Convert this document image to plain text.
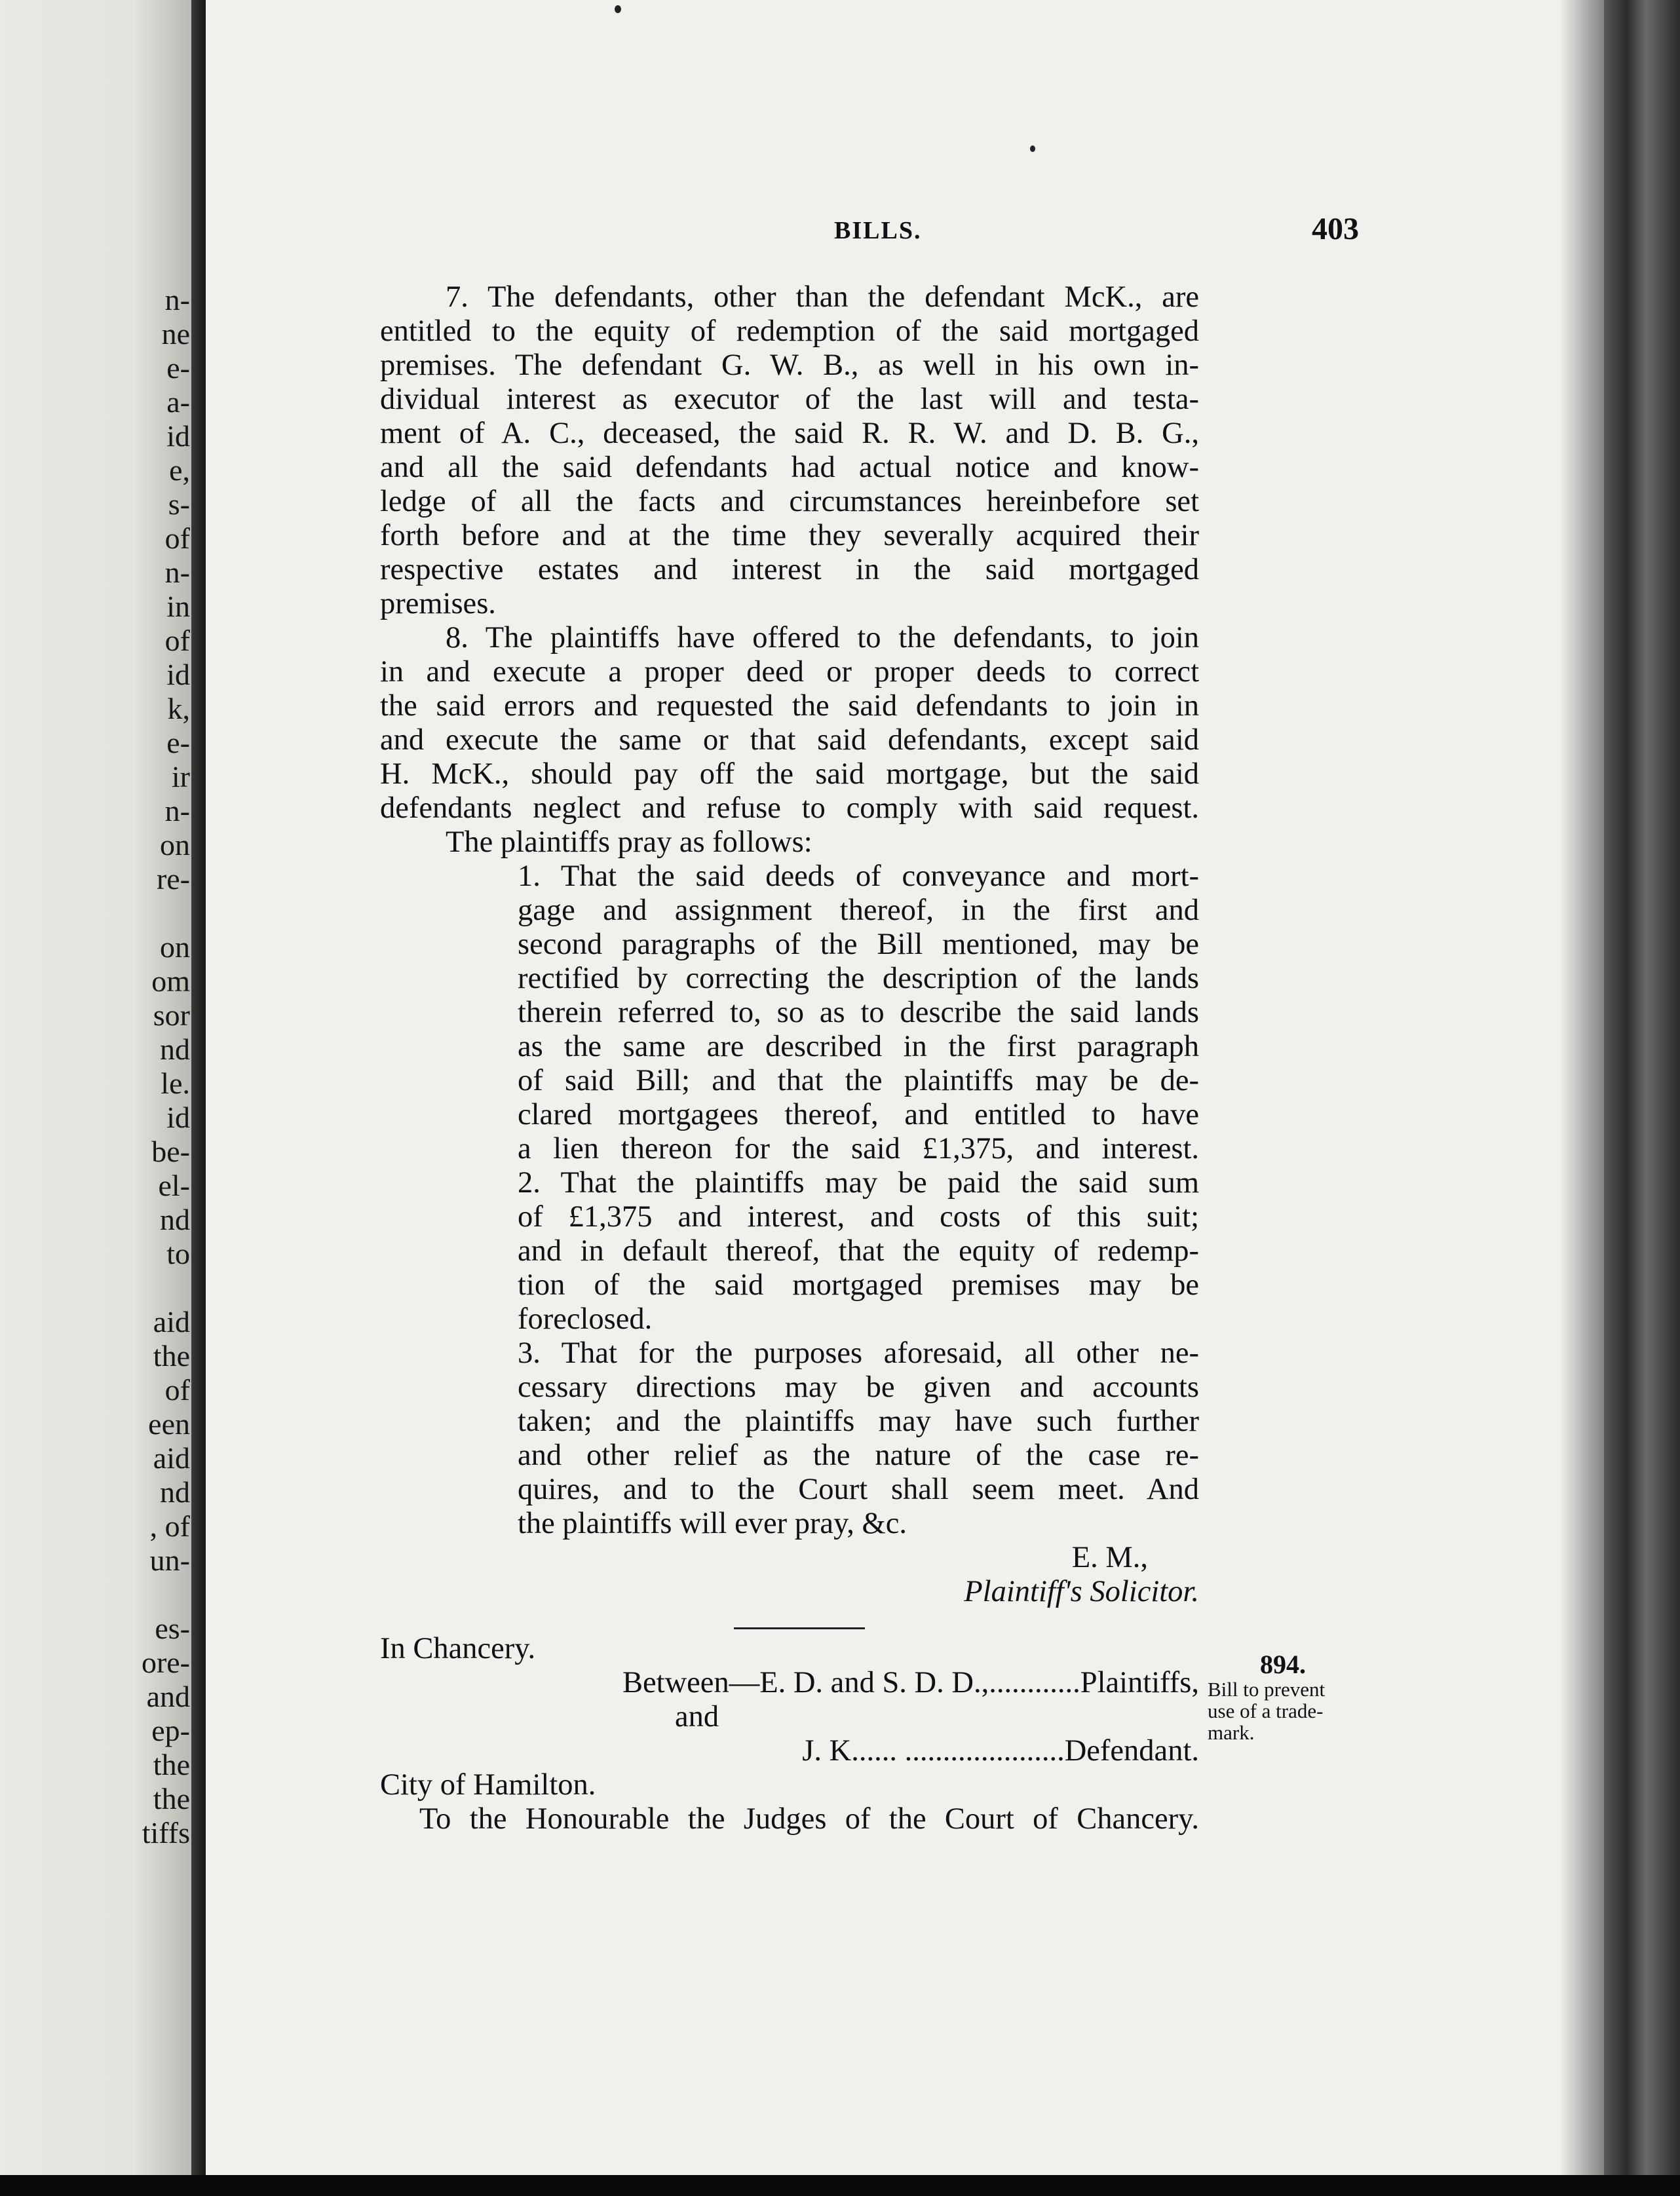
n-
ne
e-
a-
id
e,
s-
of
n-
in
of
id
k,
e-
ir
n-
on
re-
on
om
sor
nd
le.
id
be-
el-
nd
to
aid
the
of
een
aid
nd
, of
un-
es-
ore-
and
ep-
the
the
tiffs
BILLS.	403
7. The defendants, other than the defendant McK., are
entitled to the equity of redemption of the said mortgaged
premises. The defendant G. W. B., as well in his own in-
dividual interest as executor of the last will and testa-
ment of A. C., deceased, the said R. R. W. and D. B. G.,
and all the said defendants had actual notice and know-
ledge of all the facts and circumstances hereinbefore set
forth before and at the time they severally acquired their
respective estates and interest in the said mortgaged
premises.
8. The plaintiffs have offered to the defendants, to join
in and execute a proper deed or proper deeds to correct
the said errors and requested the said defendants to join in
and execute the same or that said defendants, except said
H. McK., should pay off the said mortgage, but the said
defendants neglect and refuse to comply with said request.
The plaintiffs pray as follows:
1. That the said deeds of conveyance and mort-
gage and assignment thereof, in the first and
second paragraphs of the Bill mentioned, may be
rectified by correcting the description of the lands
therein referred to, so as to describe the said lands
as the same are described in the first paragraph
of said Bill; and that the plaintiffs may be de-
clared mortgagees thereof, and entitled to have
a lien thereon for the said £1,375, and interest.
2. That the plaintiffs may be paid the said sum
of £1,375 and interest, and costs of this suit;
and in default thereof, that the equity of redemp-
tion of the said mortgaged premises may be
foreclosed.
3. That for the purposes aforesaid, all other ne-
cessary directions may be given and accounts
taken; and the plaintiffs may have such further
and other relief as the nature of the case re-
quires, and to the Court shall seem meet. And
the plaintiffs will ever pray, &c.
E. M.,
Plaintiff's Solicitor.
In Chancery.
Between—E. D. and S. D. D.,............Plaintiffs,
and
J. K...... .....................Defendant.
City of Hamilton.
To the Honourable the Judges of the Court of Chancery.
894.
Bill to prevent
use of a trade-
mark.
